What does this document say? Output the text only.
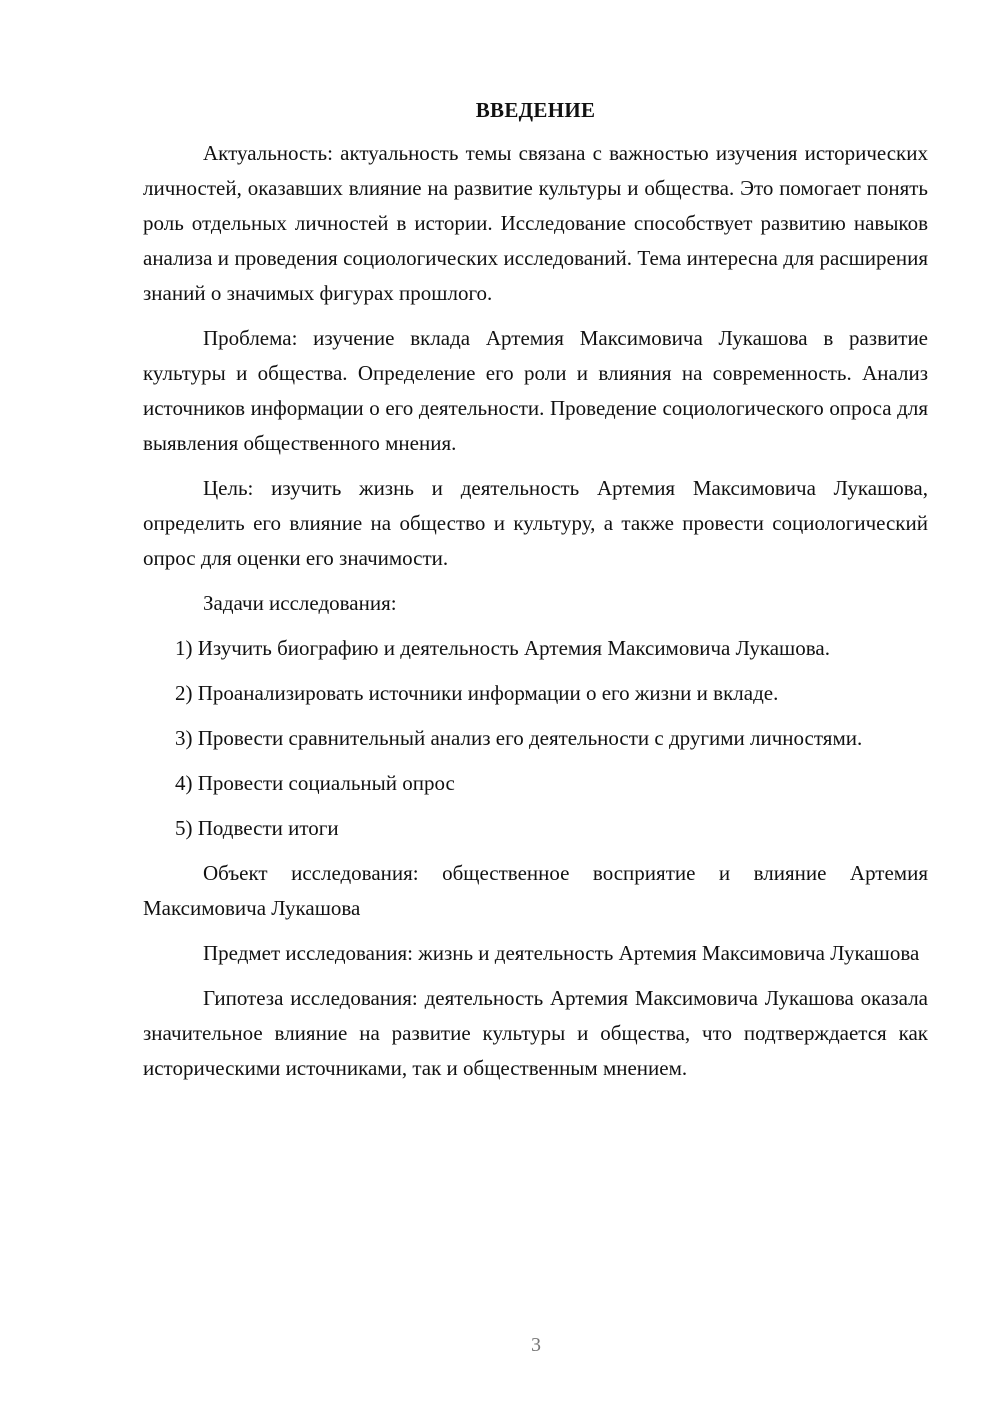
ВВЕДЕНИЕ

Актуальность: актуальность темы связана с важностью изучения исторических личностей, оказавших влияние на развитие культуры и общества. Это помогает понять роль отдельных личностей в истории. Исследование способствует развитию навыков анализа и проведения социологических исследований. Тема интересна для расширения знаний о значимых фигурах прошлого.

Проблема: изучение вклада Артемия Максимовича Лукашова в развитие культуры и общества. Определение его роли и влияния на современность. Анализ источников информации о его деятельности. Проведение социологического опроса для выявления общественного мнения.

Цель: изучить жизнь и деятельность Артемия Максимовича Лукашова, определить его влияние на общество и культуру, а также провести социологический опрос для оценки его значимости.

Задачи исследования:

1) Изучить биографию и деятельность Артемия Максимовича Лукашова.

2) Проанализировать источники информации о его жизни и вкладе.

3) Провести сравнительный анализ его деятельности с другими личностями.

4) Провести социальный опрос

5) Подвести итоги

Объект исследования: общественное восприятие и влияние Артемия Максимовича Лукашова

Предмет исследования: жизнь и деятельность Артемия Максимовича Лукашова

Гипотеза исследования: деятельность Артемия Максимовича Лукашова оказала значительное влияние на развитие культуры и общества, что подтверждается как историческими источниками, так и общественным мнением.

3
